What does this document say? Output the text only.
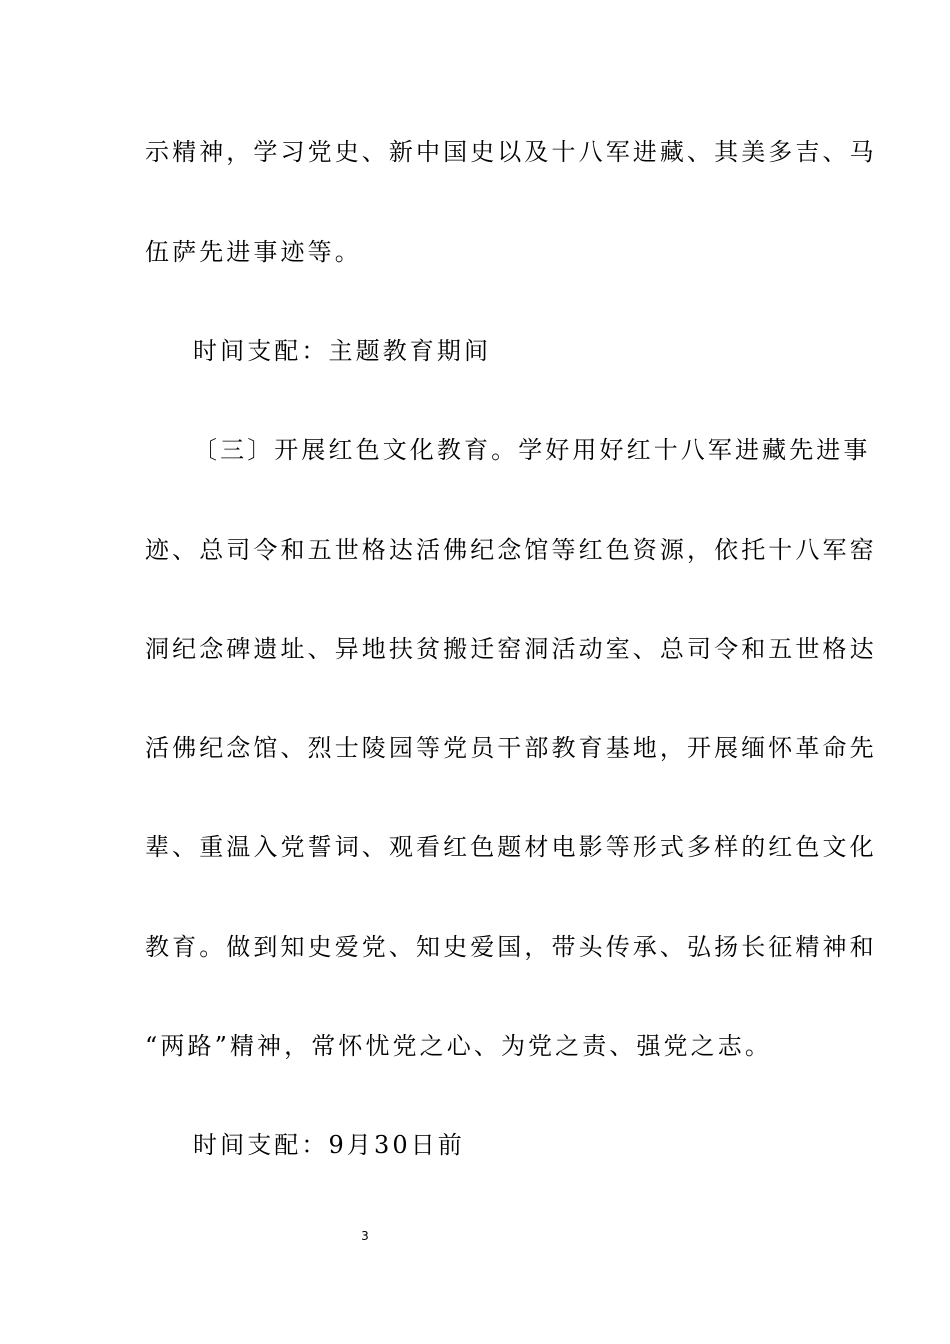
示精神，学习党史、新中国史以及十八军进藏、其美多吉、马
伍萨先进事迹等。
时间支配：主题教育期间
〔三〕开展红色文化教育。学好用好红十八军进藏先进事
迹、总司令和五世格达活佛纪念馆等红色资源，依托十八军窑
洞纪念碑遗址、异地扶贫搬迁窑洞活动室、总司令和五世格达
活佛纪念馆、烈士陵园等党员干部教育基地，开展缅怀革命先
辈、重温入党誓词、观看红色题材电影等形式多样的红色文化
教育。做到知史爱党、知史爱国，带头传承、弘扬长征精神和
“两路”精神，常怀忧党之心、为党之责、强党之志。
时间支配：9月30日前
3
